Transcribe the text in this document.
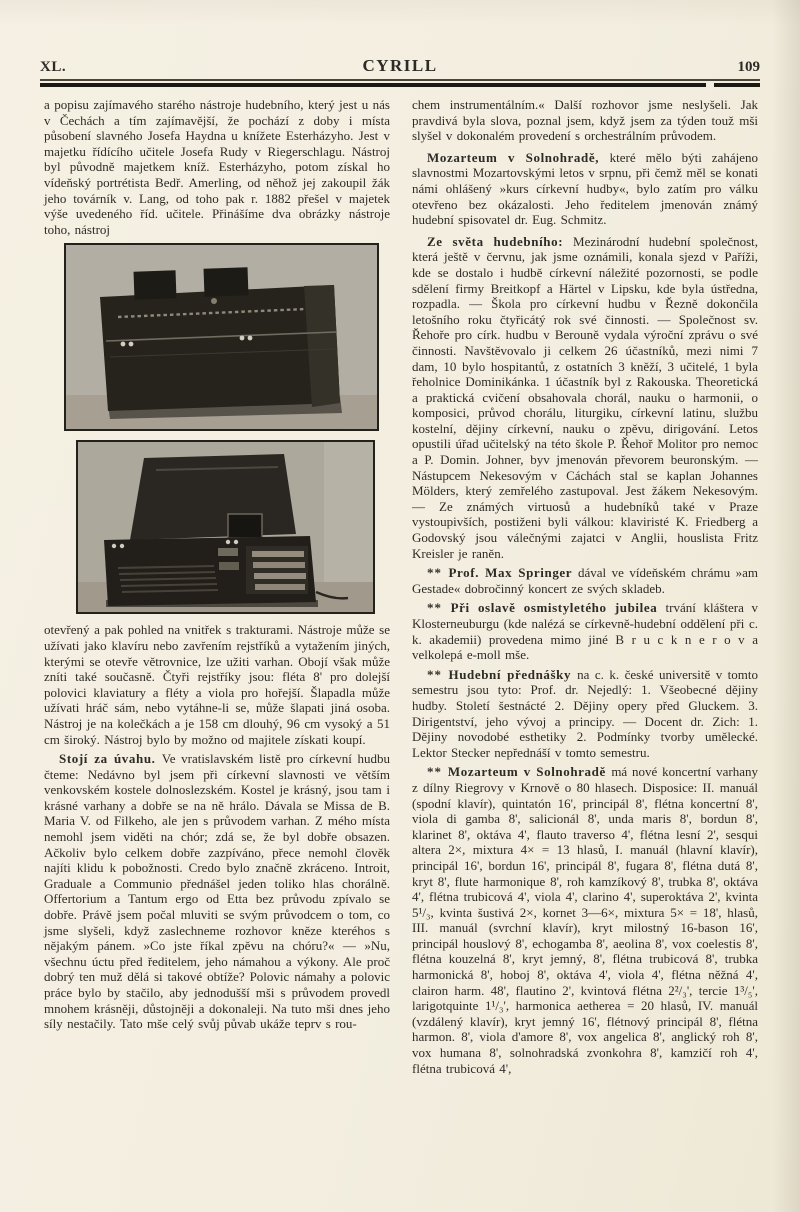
XL.	CYRILL	109

a popisu zajímavého starého nástroje hudebního, který jest u nás v Čechách a tím zajímavější, že pochází z doby i místa působení slavného Josefa Haydna u knížete Esterházyho. Jest v majetku řídícího učitele Josefa Rudy v Riegerschlagu. Nástroj byl původně majetkem kníž. Esterházyho, potom získal ho vídeňský portrétista Bedř. Amerling, od něhož jej zakoupil žák jeho továrník v. Lang, od toho pak r. 1882 přešel v majetek výše uvedeného říd. učitele. Přinášíme dva obrázky nástroje toho, nástroj

otevřený a pak pohled na vnitřek s trakturami. Nástroje může se užívati jako klavíru nebo zavřením rejstříků a vytažením jiných, kterými se otevře větrovnice, lze užiti varhan. Obojí však může zníti také současně. Čtyři rejstříky jsou: fléta 8' pro dolejší polovici klaviatury a fléty a viola pro hořejší. Šlapadla může užívati hráč sám, nebo vytáhne-li se, může šlapati jiná osoba. Nástroj je na kolečkách a je 158 cm dlouhý, 96 cm vysoký a 51 cm široký. Nástroj bylo by možno od majitele získati koupí.

Stojí za úvahu. Ve vratislavském listě pro církevní hudbu čteme: Nedávno byl jsem při církevní slavnosti ve větším venkovském kostele dolnoslezském. Kostel je krásný, jsou tam i krásné varhany a dobře se na ně hrálo. Dávala se Missa de B. Maria V. od Filkeho, ale jen s průvodem varhan. Z mého místa nemohl jsem viděti na chór; zdá se, že byl dobře obsazen. Ačkoliv bylo celkem dobře zazpíváno, přece nemohl člověk najíti klidu k pobožnosti. Credo bylo značně zkráceno. Introit, Graduale a Communio přednášel jeden toliko hlas chorálně. Offertorium a Tantum ergo od Etta bez průvodu zpívalo se dobře. Právě jsem počal mluviti se svým průvodcem o tom, co jsme slyšeli, když zaslechneme rozhovor kněze kteréhos s nějakým pánem. »Co jste říkal zpěvu na chóru?« — »Nu, všechnu úctu před ředitelem, jeho námahou a výkony. Ale proč dobrý ten muž dělá si takové obtíže? Polovic námahy a polovic práce bylo by stačilo, aby jednodušší mši s průvodem provedl mnohem krásněji, důstojněji a dokonaleji. Na tuto mši dnes jeho síly nestačily. Tato mše celý svůj půvab ukáže teprv s rou-

chem instrumentálním.« Další rozhovor jsme neslyšeli. Jak pravdivá byla slova, poznal jsem, když jsem za týden touž mši slyšel v dokonalém provedení s orchestrálním průvodem.

Mozarteum v Solnohradě, které mělo býti zahájeno slavnostmi Mozartovskými letos v srpnu, při čemž měl se konati námi ohlášený »kurs církevní hudby«, bylo zatím pro válku otevřeno bez okázalosti. Jeho ředitelem jmenován známý hudební spisovatel dr. Eug. Schmitz.

Ze světa hudebního: Mezinárodní hudební společnost, která ještě v červnu, jak jsme oznámili, konala sjezd v Paříži, kde se dostalo i hudbě církevní náležité pozornosti, se podle sdělení firmy Breitkopf a Härtel v Lipsku, kde byla ústředna, rozpadla. — Škola pro církevní hudbu v Řezně dokončila letošního roku čtyřicátý rok své činnosti. — Společnost sv. Řehoře pro círk. hudbu v Berouně vydala výroční zprávu o své činnosti. Navštěvovalo ji celkem 26 účastníků, mezi nimi 7 dam, 10 bylo hospitantů, z ostatních 3 kněží, 3 učitelé, 1 byla řeholnice Dominikánka. 1 účastník byl z Rakouska. Theoretická a praktická cvičení obsahovala chorál, nauku o harmonii, o komposici, průvod chorálu, liturgiku, církevní latinu, službu kostelní, dějiny církevní, nauku o zpěvu, dirigování. Letos opustili úřad učitelský na této škole P. Řehoř Molitor pro nemoc a P. Domin. Johner, byv jmenován převorem beuronským. — Nástupcem Nekesovým v Cáchách stal se kaplan Johannes Mölders, který zemřelého zastupoval. Jest žákem Nekesovým. — Ze známých virtuosů a hudebníků také v Praze vystoupivších, postiženi byli válkou: klaviristé K. Friedberg a Godovský jsou válečnými zajatci v Anglii, houslista Fritz Kreisler je raněn.

** Prof. Max Springer dával ve vídeňském chrámu »am Gestade« dobročinný koncert ze svých skladeb.

** Při oslavě osmistyletého jubilea trvání kláštera v Klosterneuburgu (kde nalézá se církevně-hudební oddělení při c. k. akademii) provedena mimo jiné B r u c k n e r o v a velkolepá e-moll mše.

** Hudební přednášky na c. k. české universitě v tomto semestru jsou tyto: Prof. dr. Nejedlý: 1. Všeobecné dějiny hudby. Století šestnácté 2. Dějiny opery před Gluckem. 3. Dirigentství, jeho vývoj a principy. — Docent dr. Zich: 1. Dějiny novodobé esthetiky 2. Podmínky tvorby umělecké. Lektor Stecker nepřednáší v tomto semestru.

** Mozarteum v Solnohradě má nové koncertní varhany z dílny Riegrovy v Krnově o 80 hlasech. Disposice: II. manuál (spodní klavír), quintatón 16', principál 8', flétna koncertní 8', viola di gamba 8', salicionál 8', unda maris 8', bordun 8', klarinet 8', oktáva 4', flauto traverso 4', flétna lesní 2', sesqui altera 2×, mixtura 4× = 13 hlasů, I. manuál (hlavní klavír), principál 16', bordun 16', principál 8', fugara 8', flétna dutá 8', kryt 8', flute harmonique 8', roh kamzíkový 8', trubka 8', oktáva 4', flétna trubicová 4', viola 4', clarino 4', superoktáva 2', kvinta 5¹/₃, kvinta šustivá 2×, kornet 3—6×, mixtura 5× = 18', hlasů, III. manuál (svrchní klavír), kryt milostný 16-bason 16', principál houslový 8', echogamba 8', aeolina 8', vox coelestis 8', flétna kouzelná 8', kryt jemný, 8', flétna trubicová 8', trubka harmonická 8', hoboj 8', oktáva 4', viola 4', flétna něžná 4', clairon harm. 48', flautino 2', kvintová flétna 2²/₃', tercie 1³/₅', larigotquinte 1¹/₃', harmonica aetherea = 20 hlasů, IV. manuál (vzdálený klavír), kryt jemný 16', flétnový principál 8', flétna harmon. 8', viola d'amore 8', vox angelica 8', anglický roh 8', vox humana 8', solnohradská zvonkohra 8', kamzičí roh 4', flétna trubicová 4',
